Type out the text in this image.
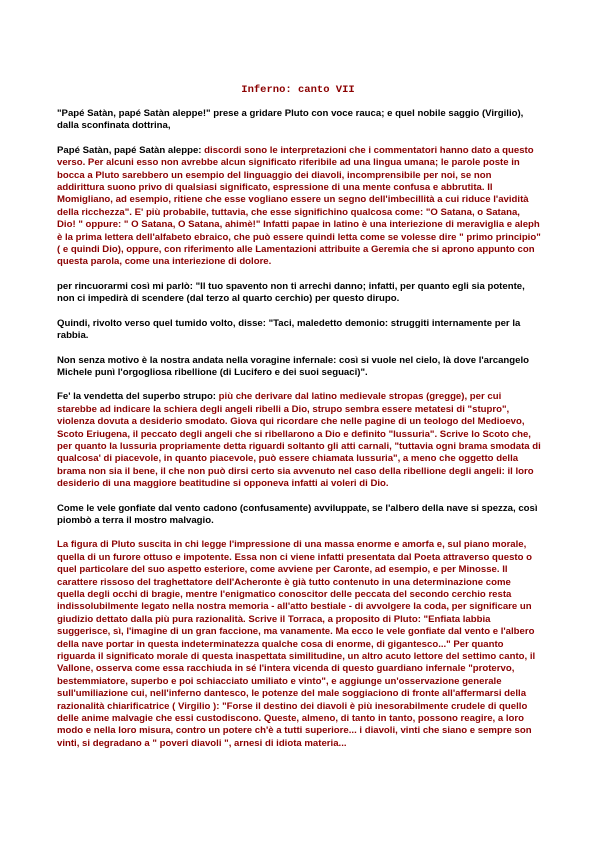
Inferno: canto VII

"Papé Satàn, papé Satàn aleppe!" prese a gridare Pluto con voce rauca; e quel nobile saggio (Virgilio), dalla sconfinata dottrina,

Papé Satàn, papé Satàn aleppe: discordi sono le interpretazioni che i commentatori hanno dato a questo verso. Per alcuni esso non avrebbe alcun significato riferibile ad una lingua umana; le parole poste in bocca a Pluto sarebbero un esempio del linguaggio dei diavoli, incomprensibile per noi, se non addirittura suono privo di qualsiasi significato, espressione di una mente confusa e abbrutita. Il Momigliano, ad esempio, ritiene che esse vogliano essere un segno dell'imbecillità a cui riduce l'avidità della ricchezza". E' più probabile, tuttavia, che esse significhino qualcosa come: "O Satana, o Satana, Dio! " oppure: " O Satana, O Satana, ahimè!" Infatti papae in latino è una interiezione di meraviglia e aleph è la prima lettera dell'alfabeto ebraico, che può essere quindi letta come se volesse dire " primo principio" ( e quindi Dio), oppure, con riferimento alle Lamentazioni attribuite a Geremia che si aprono appunto con questa parola, come una interiezione di dolore.

per rincuorarmi così mi parlò: "Il tuo spavento non ti arrechi danno; infatti, per quanto egli sia potente, non ci impedirà di scendere (dal terzo al quarto cerchio) per questo dirupo.

Quindi, rivolto verso quel tumido volto, disse: "Taci, maledetto demonio: struggiti internamente per la rabbia.

Non senza motivo è la nostra andata nella voragine infernale: così si vuole nel cielo, là dove l'arcangelo Michele punì l'orgogliosa ribellione (di Lucifero e dei suoi seguaci)".

Fe' la vendetta del superbo strupo: più che derivare dal latino medievale stropas (gregge), per cui starebbe ad indicare la schiera degli angeli ribelli a Dio, strupo sembra essere metatesi di "stupro", violenza dovuta a desiderio smodato. Giova qui ricordare che nelle pagine di un teologo del Medioevo, Scoto Eriugena, il peccato degli angeli che si ribellarono a Dio e definito "lussuria". Scrive lo Scoto che, per quanto la lussuria propriamente detta riguardi soltanto gli atti carnali, "tuttavia ogni brama smodata di qualcosa' di piacevole, in quanto piacevole, può essere chiamata lussuria", a meno che oggetto della brama non sia il bene, il che non può dirsi certo sia avvenuto nel caso della ribellione degli angeli: il loro desiderio di una maggiore beatitudine si opponeva infatti ai voleri di Dio.

Come le vele gonfiate dal vento cadono (confusamente) avviluppate, se l'albero della nave si spezza, così piombò a terra il mostro malvagio.

La figura di Pluto suscita in chi legge l'impressione di una massa enorme e amorfa e, sul piano morale, quella di un furore ottuso e impotente. Essa non ci viene infatti presentata dal Poeta attraverso questo o quel particolare del suo aspetto esteriore, come avviene per Caronte, ad esempio, e per Minosse. Il carattere rissoso del traghettatore dell'Acheronte è già tutto contenuto in una determinazione come quella degli occhi di bragie, mentre l'enigmatico conoscitor delle peccata del secondo cerchio resta indissolubilmente legato nella nostra memoria - all'atto bestiale - di avvolgere la coda, per significare un giudizio dettato dalla più pura razionalità. Scrive il Torraca, a proposito di Pluto: "Enfiata labbia suggerisce, sì, l'imagine di un gran faccione, ma vanamente. Ma ecco le vele gonfiate dal vento e l'albero della nave portar in questa indeterminatezza qualche cosa di enorme, di gigantesco..." Per quanto riguarda il significato morale di questa inaspettata similitudine, un altro acuto lettore del settimo canto, il Vallone, osserva come essa racchiuda in sé l'intera vicenda di questo guardiano infernale "protervo, bestemmiatore, superbo e poi schiacciato umiliato e vinto", e aggiunge un'osservazione generale sull'umiliazione cui, nell'inferno dantesco, le potenze del male soggiaciono di fronte all'affermarsi della razionalità chiarificatrice ( Virgilio ): "Forse il destino dei diavoli è più inesorabilmente crudele di quello delle anime malvagie che essi custodiscono. Queste, almeno, di tanto in tanto, possono reagire, a loro modo e nella loro misura, contro un potere ch'è a tutti superiore... i diavoli, vinti che siano e sempre son vinti, si degradano a " poveri diavoli ", arnesi di idiota materia...
